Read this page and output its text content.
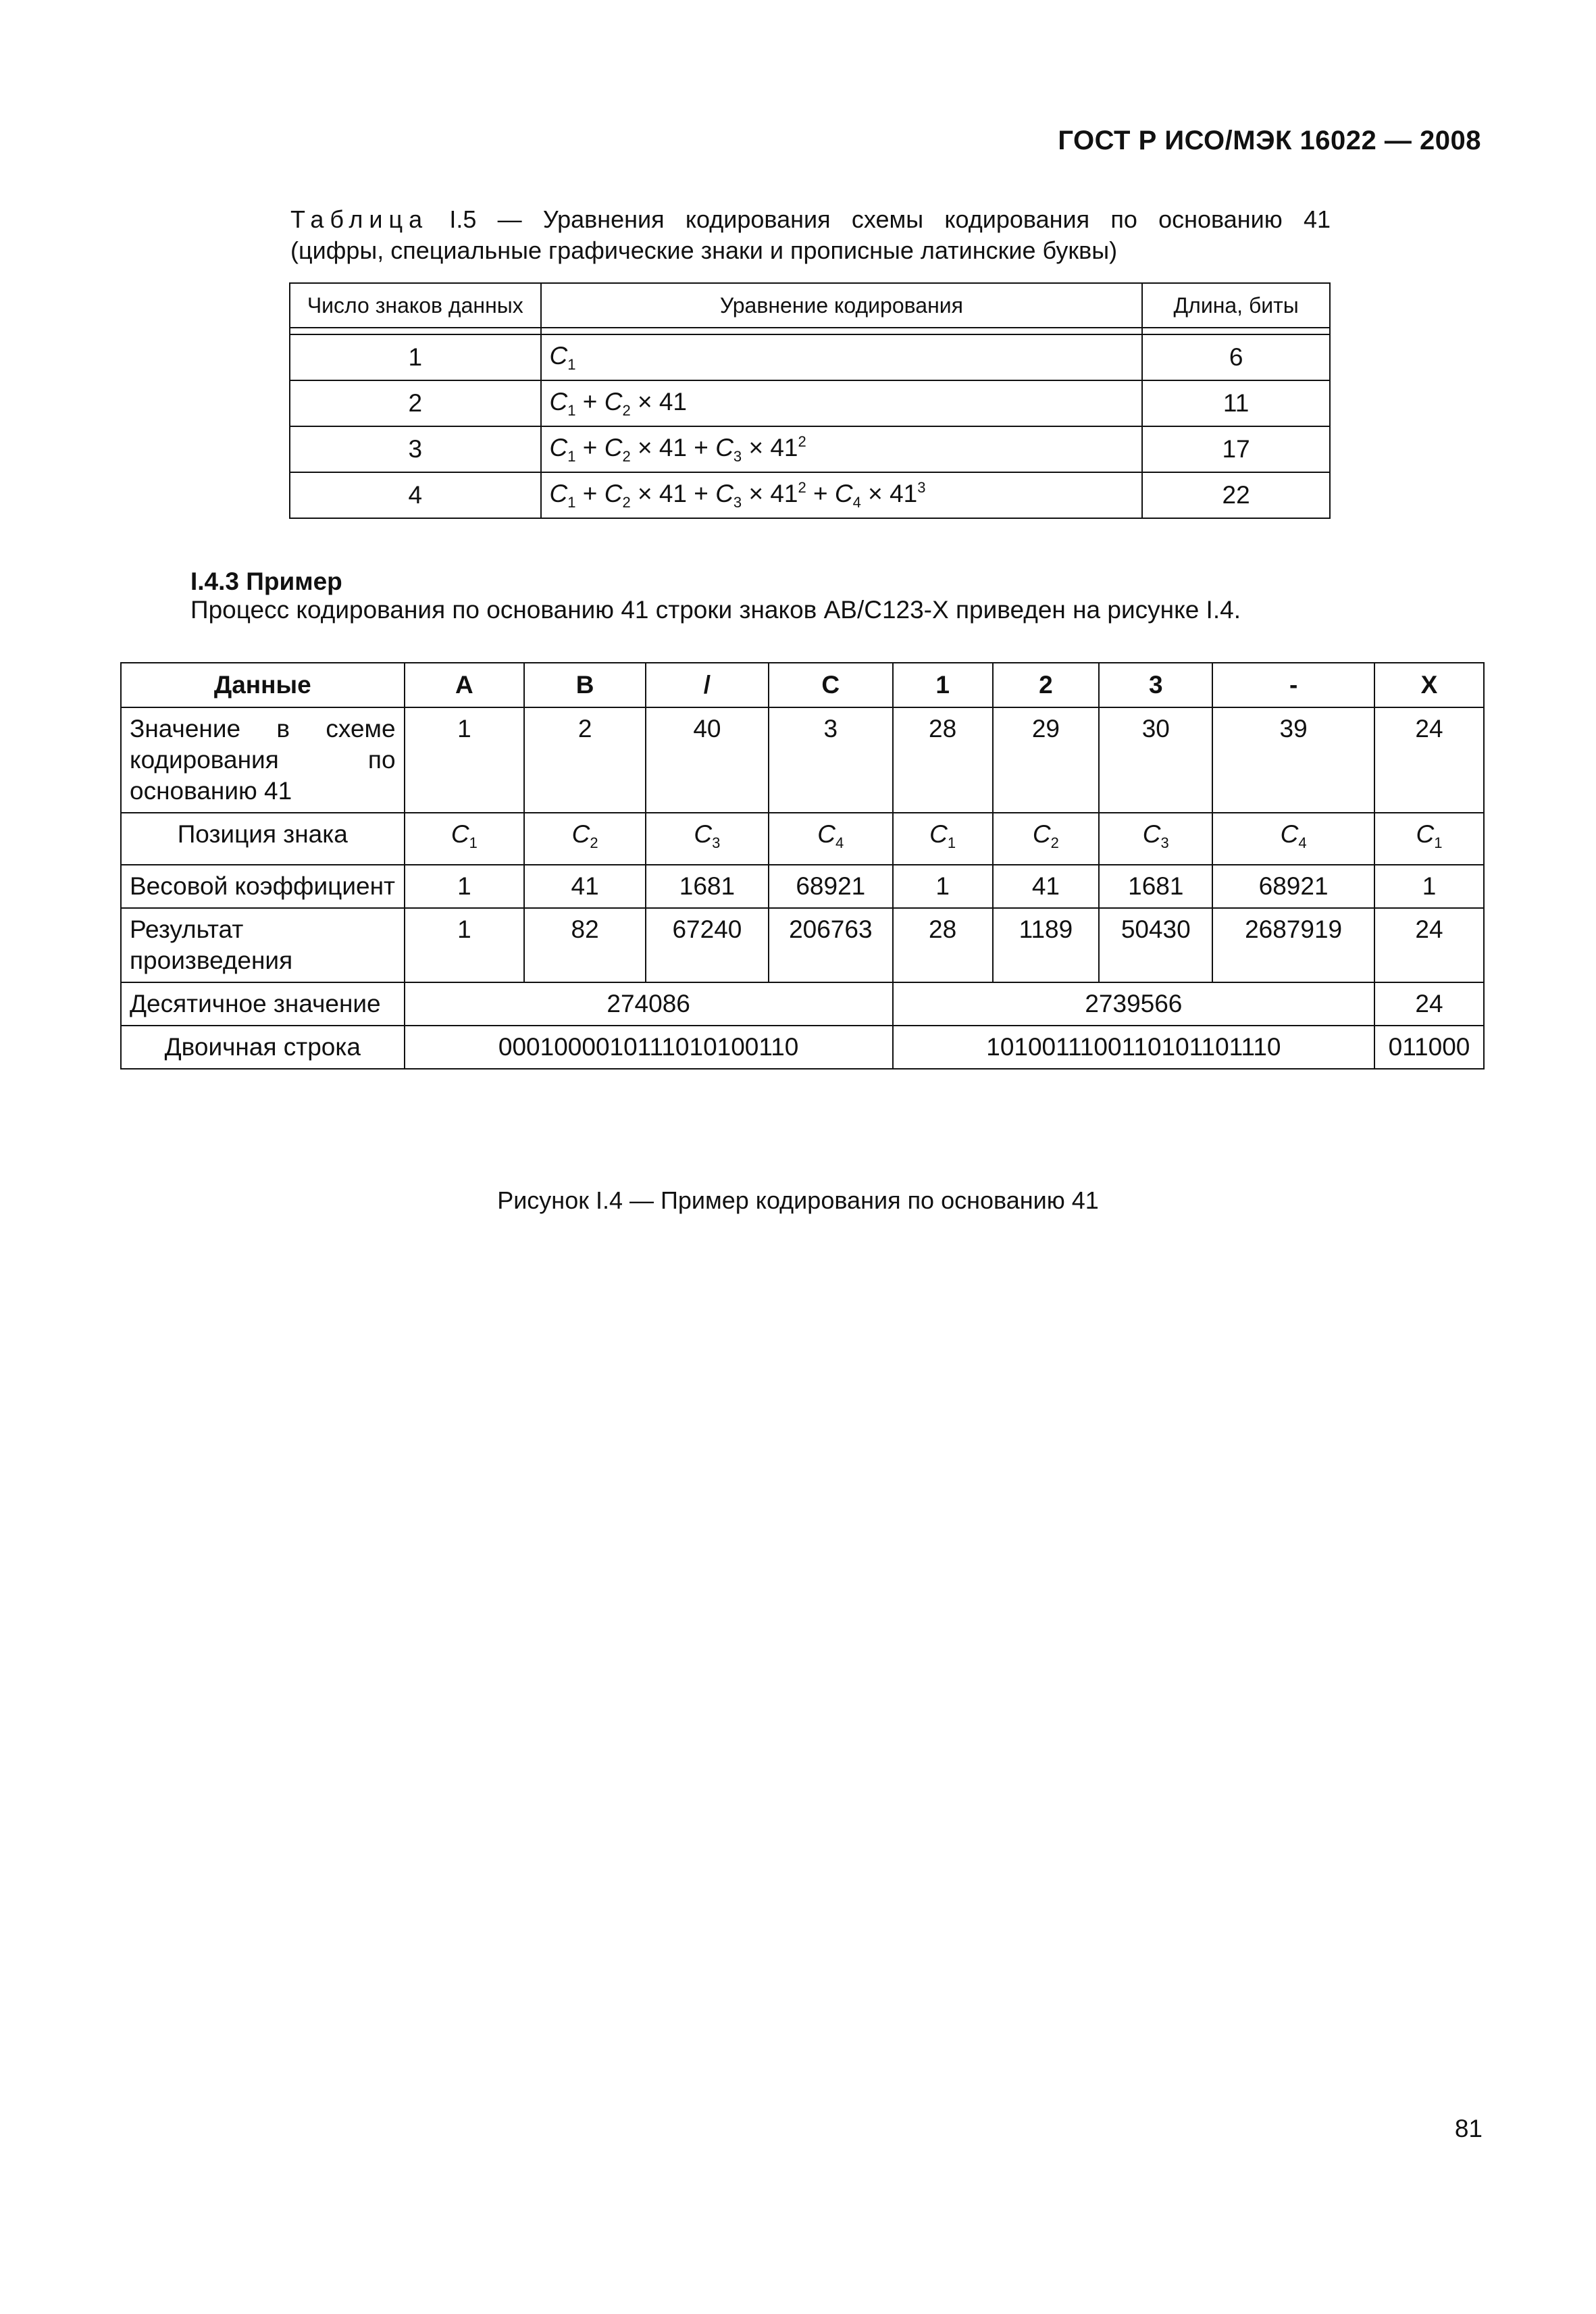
ГОСТ Р ИСО/МЭК 16022 — 2008
Таблица I.5 — Уравнения кодирования схемы кодирования по основанию 41
(цифры, специальные графические знаки и прописные латинские буквы)
Число знаков данных	Уравнение кодирования	Длина, биты

1	$C_1$	6
2	$C_1 + C_2 \times 41$	11
3	$C_1 + C_2 \times 41 + C_3 \times 41^2$	17
4	$C_1 + C_2 \times 41 + C_3 \times 41^2 + C_4 \times 41^3$	22
I.4.3 Пример
Процесс кодирования по основанию 41 строки знаков AB/C123-X приведен на рисунке I.4.
Данные	A	B	/	C	1	2	3	-	X
Значение в схеме кодирования по основанию 41	1	2	40	3	28	29	30	39	24
Позиция знака	$C_1$	$C_2$	$C_3$	$C_4$	$C_1$	$C_2$	$C_3$	$C_4$	$C_1$
Весовой коэффициент	1	41	1681	68921	1	41	1681	68921	1
Результат произведения	1	82	67240	206763	28	1189	50430	2687919	24
Десятичное значение	274086				2739566				24
Двоичная строка	0001000010111010100110				1010011100110101101110				011000
Рисунок I.4 — Пример кодирования по основанию 41
81
